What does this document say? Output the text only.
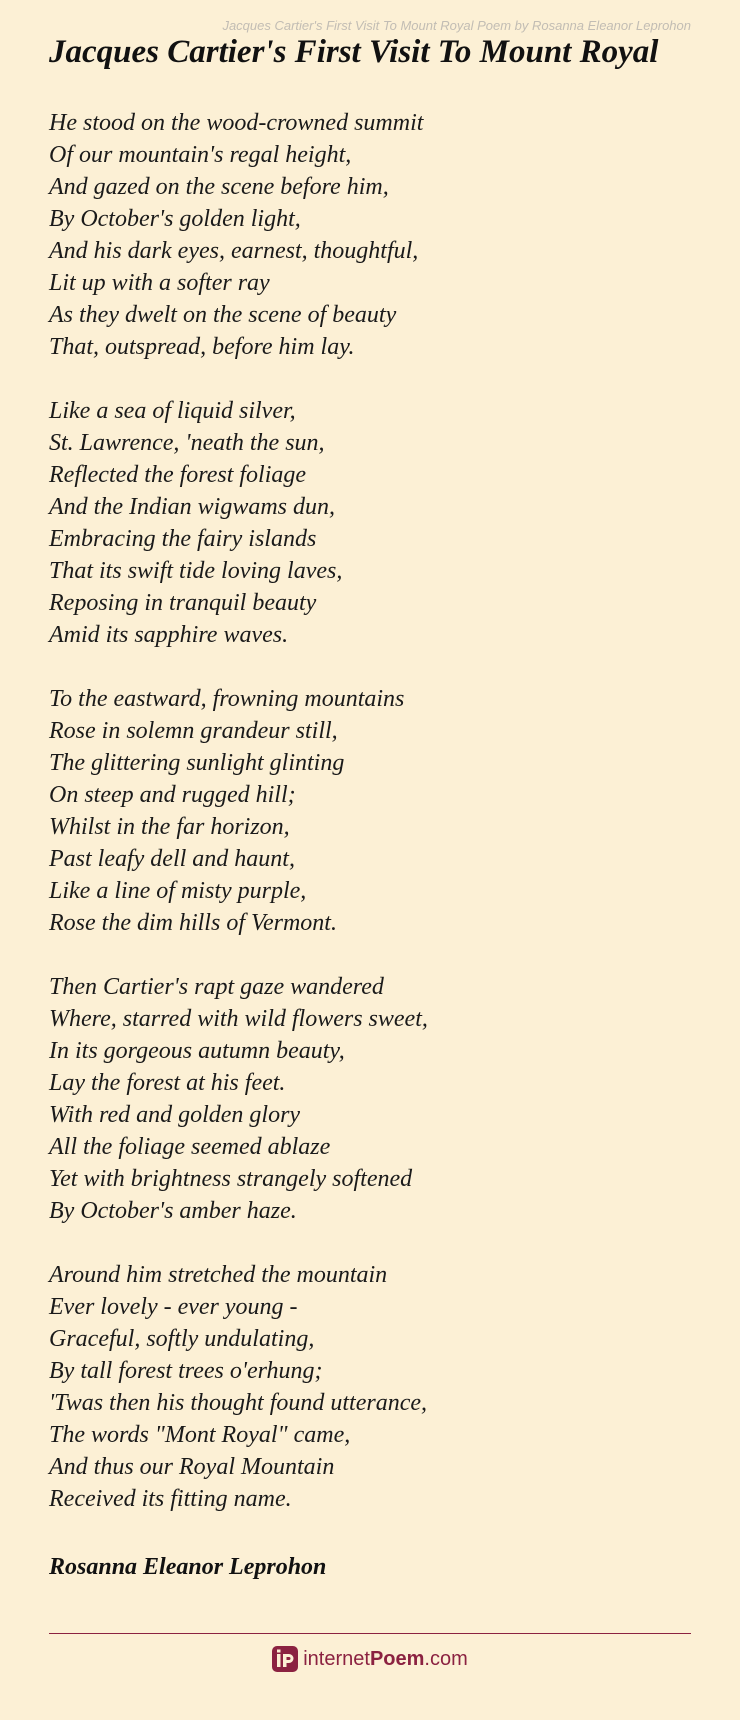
Jacques Cartier's First Visit To Mount Royal Poem by Rosanna Eleanor Leprohon
Jacques Cartier's First Visit To Mount Royal
He stood on the wood-crowned summit
Of our mountain's regal height,
And gazed on the scene before him,
By October's golden light,
And his dark eyes, earnest, thoughtful,
Lit up with a softer ray
As they dwelt on the scene of beauty
That, outspread, before him lay.
Like a sea of liquid silver,
St. Lawrence, 'neath the sun,
Reflected the forest foliage
And the Indian wigwams dun,
Embracing the fairy islands
That its swift tide loving laves,
Reposing in tranquil beauty
Amid its sapphire waves.
To the eastward, frowning mountains
Rose in solemn grandeur still,
The glittering sunlight glinting
On steep and rugged hill;
Whilst in the far horizon,
Past leafy dell and haunt,
Like a line of misty purple,
Rose the dim hills of Vermont.
Then Cartier's rapt gaze wandered
Where, starred with wild flowers sweet,
In its gorgeous autumn beauty,
Lay the forest at his feet.
With red and golden glory
All the foliage seemed ablaze
Yet with brightness strangely softened
By October's amber haze.
Around him stretched the mountain
Ever lovely - ever young -
Graceful, softly undulating,
By tall forest trees o'erhung;
'Twas then his thought found utterance,
The words "Mont Royal" came,
And thus our Royal Mountain
Received its fitting name.
Rosanna Eleanor Leprohon
internetPoem.com
